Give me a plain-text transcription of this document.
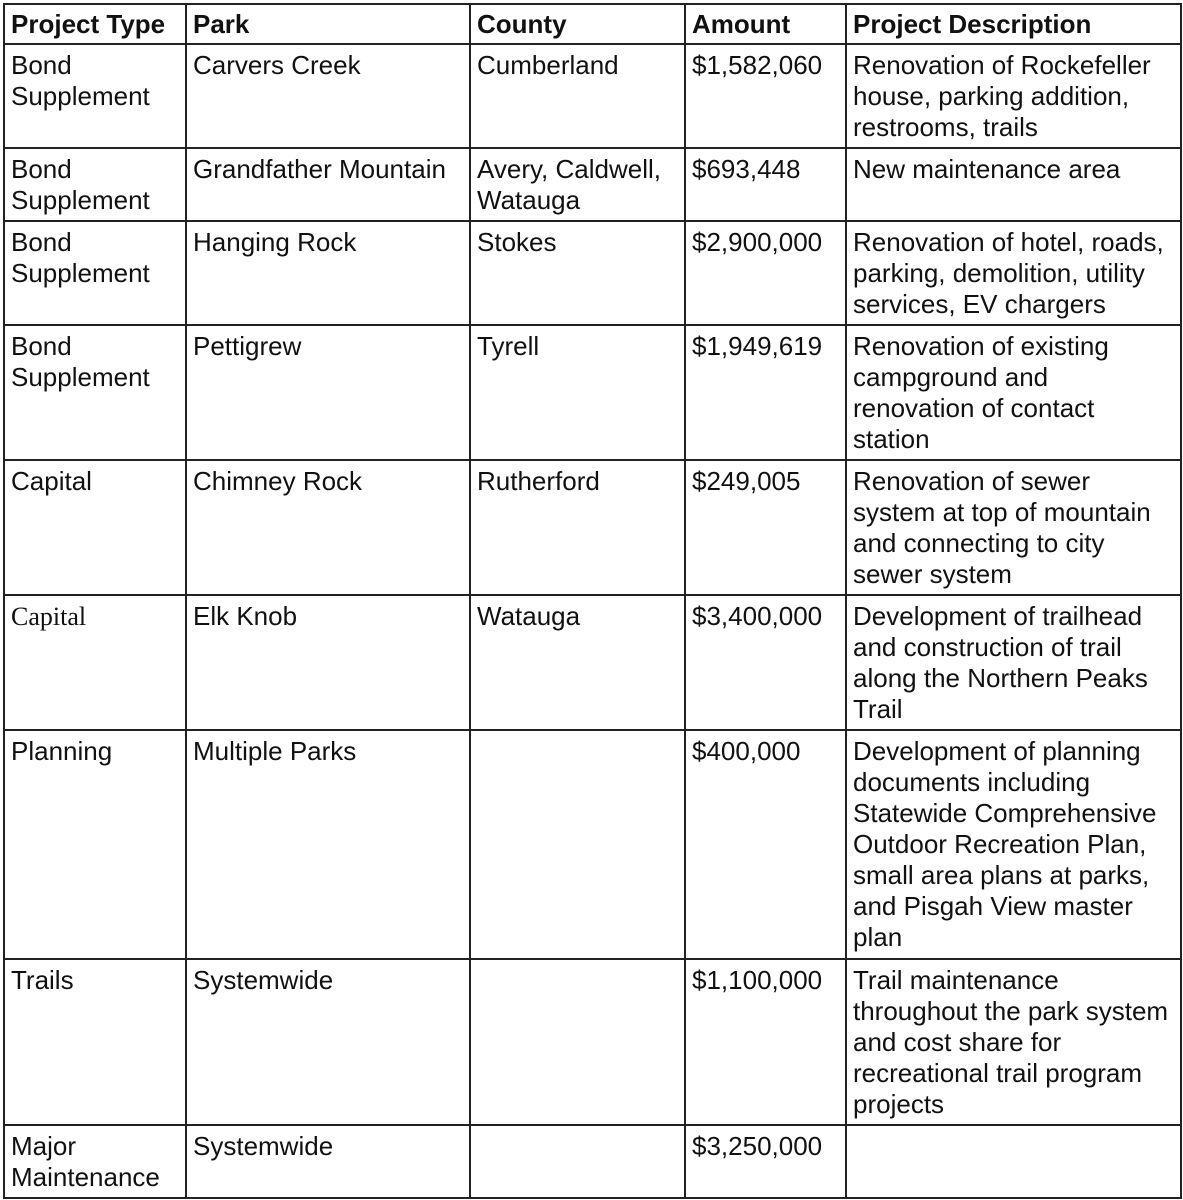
Project Type	Park	County	Amount	Project Description
Bond Supplement	Carvers Creek	Cumberland	$1,582,060	Renovation of Rockefeller house, parking addition, restrooms, trails
Bond Supplement	Grandfather Mountain	Avery, Caldwell, Watauga	$693,448	New maintenance area
Bond Supplement	Hanging Rock	Stokes	$2,900,000	Renovation of hotel, roads, parking, demolition, utility services, EV chargers
Bond Supplement	Pettigrew	Tyrell	$1,949,619	Renovation of existing campground and renovation of contact station
Capital	Chimney Rock	Rutherford	$249,005	Renovation of sewer system at top of mountain and connecting to city sewer system
Capital	Elk Knob	Watauga	$3,400,000	Development of trailhead and construction of trail along the Northern Peaks Trail
Planning	Multiple Parks		$400,000	Development of planning documents including Statewide Comprehensive Outdoor Recreation Plan, small area plans at parks, and Pisgah View master plan
Trails	Systemwide		$1,100,000	Trail maintenance throughout the park system and cost share for recreational trail program projects
Major Maintenance	Systemwide		$3,250,000	
